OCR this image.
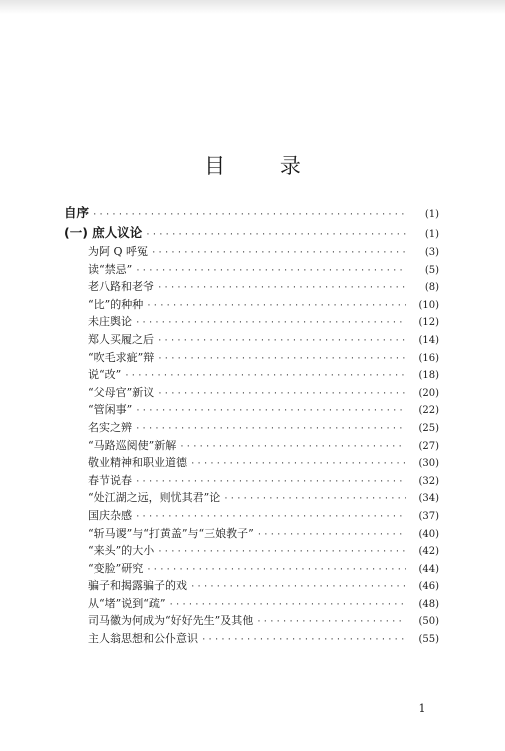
目 录
自序 ·····	(1)
(一) 庶人议论 ·····	(1)
为阿 Q 呼冤 ·····	(3)
读“禁忌” ·····	(5)
老八路和老爷 ·····	(8)
“比”的种种 ·····	(10)
未庄舆论 ·····	(12)
郑人买履之后 ·····	(14)
“吹毛求疵”辩 ·····	(16)
说“改” ·····	(18)
“父母官”新议 ·····	(20)
“管闲事” ·····	(22)
名实之辨 ·····	(25)
“马路巡阅使”新解 ·····	(27)
敬业精神和职业道德 ·····	(30)
春节说春 ·····	(32)
“处江湖之远，则忧其君”论 ·····	(34)
国庆杂感 ·····	(37)
“斩马谡”与“打黄盖”与“三娘教子” ·····	(40)
“来头”的大小 ·····	(42)
“变脸”研究 ·····	(44)
骗子和揭露骗子的戏 ·····	(46)
从“堵”说到“疏” ·····	(48)
司马徽为何成为“好好先生”及其他 ·····	(50)
主人翁思想和公仆意识 ·····	(55)
1
